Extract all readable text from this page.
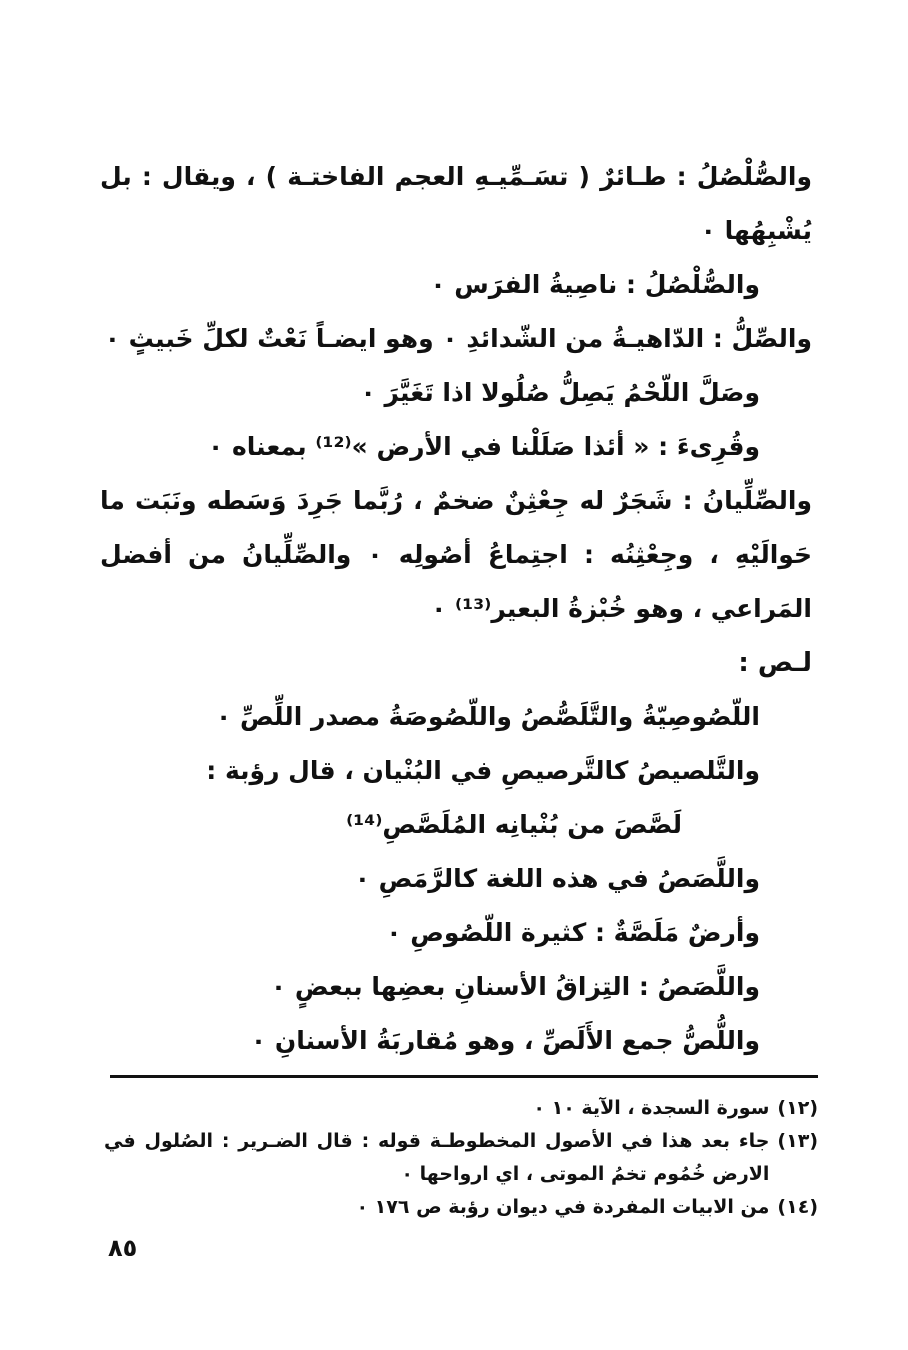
والصُّلْصُلُ : طـائرٌ ( تسَـمِّيـهِ العجم الفاختـة ) ، ويقال : بل يُشْبِهُها ٠

والصُّلْصُلُ : ناصِيةُ الفرَس ٠

والصِّلُّ : الدّاهيـةُ من الشّدائدِ ٠ وهو ايضـاً نَعْتٌ لكلِّ خَبيثٍ ٠

وصَلَّ اللّحْمُ يَصِلُّ صُلُولا اذا تَغَيَّرَ ٠

وقُرِىءَ : « أئذا صَلَلْنا في الأرض »⁽¹²⁾ بمعناه ٠

والصِّلِّيانُ : شَجَرٌ له جِعْثِنٌ ضخمٌ ، رُبَّما جَرِدَ وَسَطه ونَبَت ما حَوالَيْهِ ، وجِعْثِنُه : اجتِماعُ أصُولِه ٠ والصِّلِّيانُ من أفضل المَراعي ، وهو خُبْزةُ البعير⁽¹³⁾ ٠

لـص :

اللّصُوصِيّةُ والتَّلَصُّصُ واللّصُوصَةُ مصدر اللِّصِّ ٠

والتَّلصيصُ كالتَّرصيصِ في البُنْيان ، قال رؤبة :

لَصَّصَ من بُنْيانِه المُلَصَّصِ⁽¹⁴⁾

واللَّصَصُ في هذه اللغة كالرَّمَصِ ٠

وأرضٌ مَلَصَّةٌ : كثيرة اللّصُوصِ ٠

واللَّصَصُ : التِزاقُ الأسنانِ بعضِها ببعضٍ ٠

واللُّصُّ جمع الأَلَصِّ ، وهو مُقاربَةُ الأسنانِ ٠

(١٢)
سورة السجدة ، الآية ١٠ ٠
(١٣)
جاء بعد هذا في الأصول المخطوطـة قوله : قال الضـرير : الصُلول في الارض خُمُوم تخمُ الموتى ، اي ارواحها ٠
(١٤)
من الابيات المفردة في ديوان رؤبة ص ١٧٦ ٠
٨٥
